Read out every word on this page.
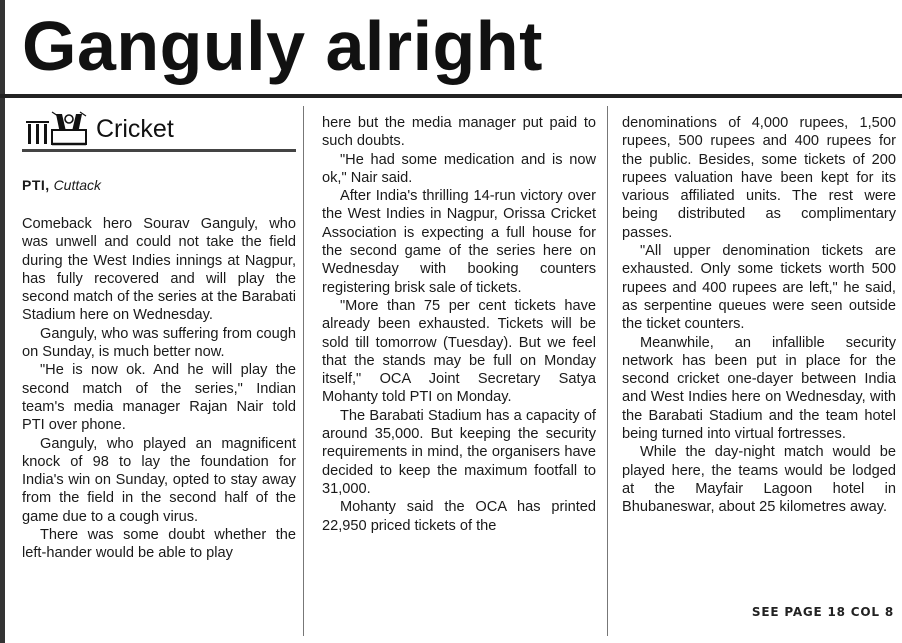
Ganguly alright
Cricket
PTI, Cuttack

Comeback hero Sourav Ganguly, who was unwell and could not take the field during the West Indies innings at Nagpur, has fully recovered and will play the second match of the series at the Barabati Stadium here on Wednesday.

Ganguly, who was suffering from cough on Sunday, is much better now.

"He is now ok. And he will play the second match of the series," Indian team's media manager Rajan Nair told PTI over phone.

Ganguly, who played an magnificent knock of 98 to lay the foundation for India's win on Sunday, opted to stay away from the field in the second half of the game due to a cough virus.

There was some doubt whether the left-hander would be able to play

here but the media manager put paid to such doubts.

"He had some medication and is now ok," Nair said.

After India's thrilling 14-run victory over the West Indies in Nagpur, Orissa Cricket Association is expecting a full house for the second game of the series here on Wednesday with booking counters registering brisk sale of tickets.

"More than 75 per cent tickets have already been exhausted. Tickets will be sold till tomorrow (Tuesday). But we feel that the stands may be full on Monday itself," OCA Joint Secretary Satya Mohanty told PTI on Monday.

The Barabati Stadium has a capacity of around 35,000. But keeping the security requirements in mind, the organisers have decided to keep the maximum footfall to 31,000.

Mohanty said the OCA has printed 22,950 priced tickets of the

denominations of 4,000 rupees, 1,500 rupees, 500 rupees and 400 rupees for the public. Besides, some tickets of 200 rupees valuation have been kept for its various affiliated units. The rest were being distributed as complimentary passes.

"All upper denomination tickets are exhausted. Only some tickets worth 500 rupees and 400 rupees are left," he said, as serpentine queues were seen outside the ticket counters.

Meanwhile, an infallible security network has been put in place for the second cricket one-dayer between India and West Indies here on Wednesday, with the Barabati Stadium and the team hotel being turned into virtual fortresses.

While the day-night match would be played here, the teams would be lodged at the Mayfair Lagoon hotel in Bhubaneswar, about 25 kilometres away.

SEE PAGE 18 COL 8
